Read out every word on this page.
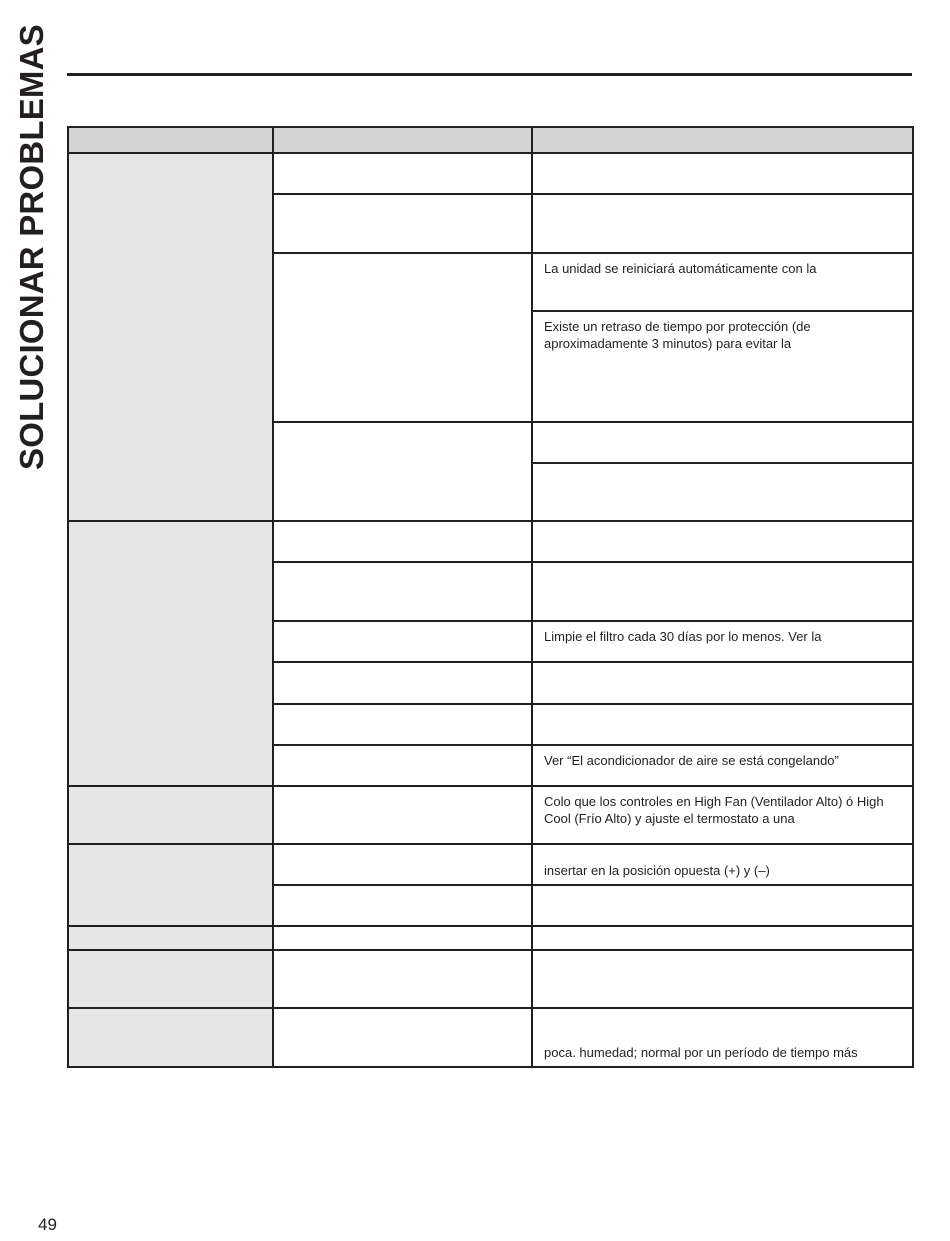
SOLUCIONAR PROBLEMAS

		La unidad se reiniciará automáticamente con la
		Existe un retraso de tiempo por protección (de aproximadamente 3 minutos) para evitar la

		Limpie el filtro cada 30 días por lo menos. Ver la

		Ver “El acondicionador de aire se está congelando”
		Colo que los controles en High Fan (Ventilador Alto) ó High Cool (Frío Alto) y ajuste el termostato a una
		insertar en la posición opuesta (+) y (–)

		poca. humedad; normal por un período de tiempo más
49
